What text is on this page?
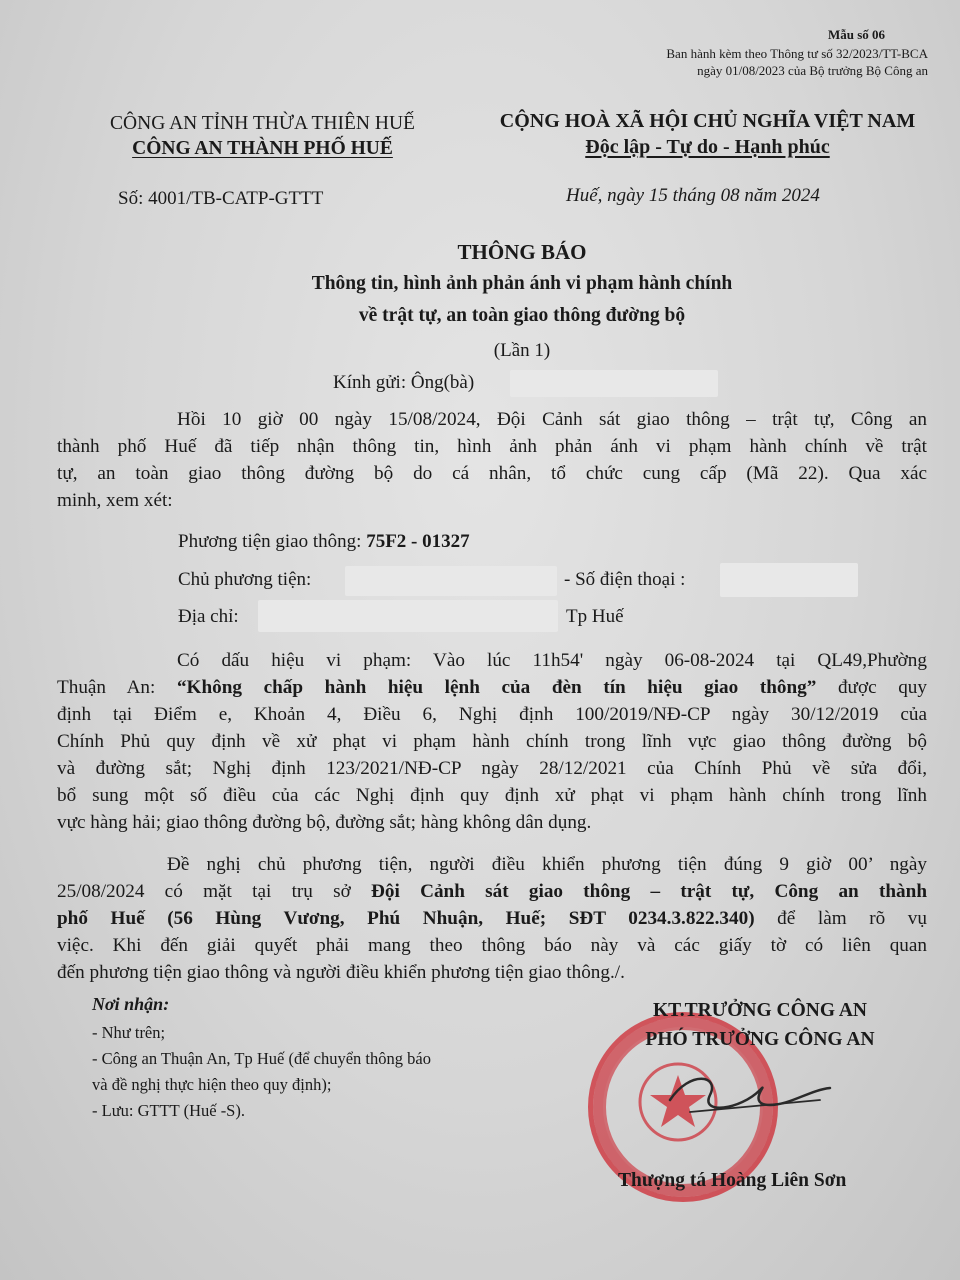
Mẫu số 06
Ban hành kèm theo Thông tư số 32/2023/TT-BCA
ngày 01/08/2023 của Bộ trưởng Bộ Công an
CÔNG AN TỈNH THỪA THIÊN HUẾ
CÔNG AN THÀNH PHỐ HUẾ
CỘNG HOÀ XÃ HỘI CHỦ NGHĨA VIỆT NAM
Độc lập - Tự do - Hạnh phúc
Số: 4001/TB-CATP-GTTT	Huế, ngày 15 tháng 08 năm 2024
THÔNG BÁO
Thông tin, hình ảnh phản ánh vi phạm hành chính
về trật tự, an toàn giao thông đường bộ
(Lần 1)
Kính gửi: Ông(bà)
Hồi 10 giờ 00 ngày 15/08/2024, Đội Cảnh sát giao thông – trật tự, Công an
thành phố Huế đã tiếp nhận thông tin, hình ảnh phản ánh vi phạm hành chính về trật
tự, an toàn giao thông đường bộ do cá nhân, tổ chức cung cấp (Mã 22). Qua xác
minh, xem xét:
Phương tiện giao thông: 75F2 - 01327
Chủ phương tiện:	- Số điện thoại :
Địa chỉ:	Tp Huế
Có dấu hiệu vi phạm: Vào lúc 11h54' ngày 06-08-2024 tại QL49,Phường
Thuận An: “Không chấp hành hiệu lệnh của đèn tín hiệu giao thông” được quy
định tại Điểm e, Khoản 4, Điều 6, Nghị định 100/2019/NĐ-CP ngày 30/12/2019 của
Chính Phủ quy định về xử phạt vi phạm hành chính trong lĩnh vực giao thông đường bộ
và đường sắt; Nghị định 123/2021/NĐ-CP ngày 28/12/2021 của Chính Phủ về sửa đổi,
bổ sung một số điều của các Nghị định quy định xử phạt vi phạm hành chính trong lĩnh
vực hàng hải; giao thông đường bộ, đường sắt; hàng không dân dụng.
Đề nghị chủ phương tiện, người điều khiển phương tiện đúng 9 giờ 00’ ngày
25/08/2024 có mặt tại trụ sở Đội Cảnh sát giao thông – trật tự, Công an thành
phố Huế (56 Hùng Vương, Phú Nhuận, Huế; SĐT 0234.3.822.340) để làm rõ vụ
việc. Khi đến giải quyết phải mang theo thông báo này và các giấy tờ có liên quan
đến phương tiện giao thông và người điều khiển phương tiện giao thông./.
Nơi nhận:
- Như trên;
- Công an Thuận An, Tp Huế (để chuyển thông báo
và đề nghị thực hiện theo quy định);
- Lưu: GTTT (Huế -S).
KT.TRƯỞNG CÔNG AN
PHÓ TRƯỞNG CÔNG AN
Thượng tá Hoàng Liên Sơn
